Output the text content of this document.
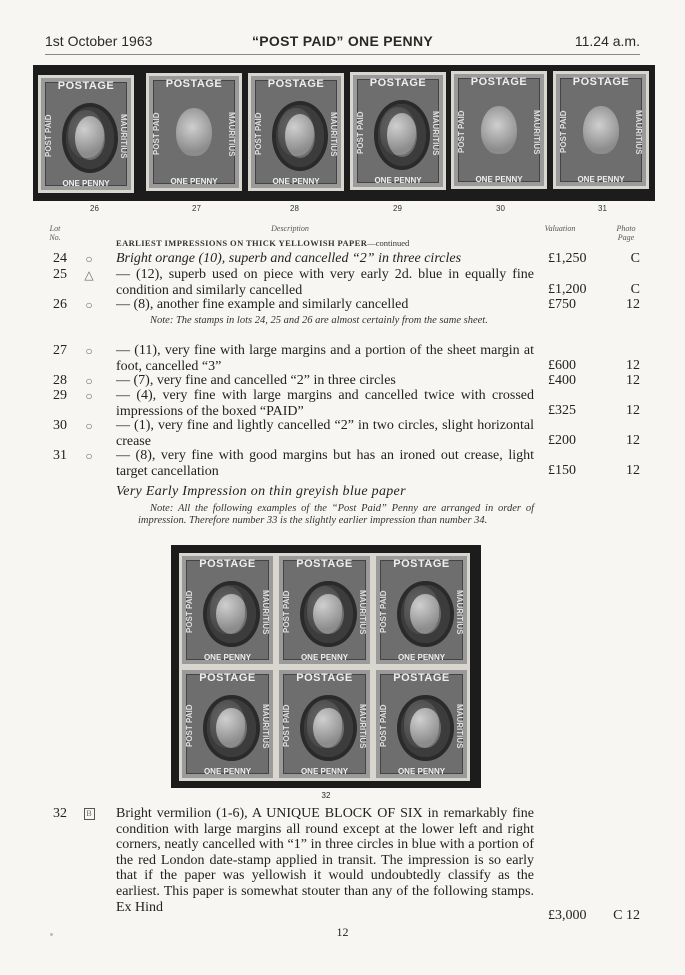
1st October 1963	“POST PAID” ONE PENNY	11.24 a.m.
POSTAGE
ONE PENNY
POST PAID	MAURITIUS
POSTAGE
ONE PENNY
POST PAID	MAURITIUS
POSTAGE
ONE PENNY
POST PAID	MAURITIUS
POSTAGE
ONE PENNY
POST PAID	MAURITIUS
POSTAGE
ONE PENNY
POST PAID	MAURITIUS
POSTAGE
ONE PENNY
POST PAID	MAURITIUS
26	27	28	29	30	31
Lot
No.
Description	Valuation	Photo
Page
EARLIEST IMPRESSIONS ON THICK YELLOWISH PAPER—continued
24	○ Bright orange (10), superb and cancelled “2” in three circles	£1,250	C
25	△ — (12), superb used on piece with very early 2d. blue in equally fine condition and similarly cancelled	£1,200	C
26	○ — (8), another fine example and similarly cancelled	£750	12
Note: The stamps in lots 24, 25 and 26 are almost certainly from the same sheet.
27	○ — (11), very fine with large margins and a portion of the sheet margin at foot, cancelled “3”	£600	12
28	○ — (7), very fine and cancelled “2” in three circles	£400	12
29	○ — (4), very fine with large margins and cancelled twice with crossed impressions of the boxed “PAID”	£325	12
30	○ — (1), very fine and lightly cancelled “2” in two circles, slight horizontal crease	£200	12
31	○ — (8), very fine with good margins but has an ironed out crease, light target cancellation	£150	12
Very Early Impression on thin greyish blue paper
Note: All the following examples of the “Post Paid” Penny are arranged in order of impression. Therefore number 33 is the slightly earlier impression than number 34.
POSTAGE
ONE PENNY
POST PAID	MAURITIUS
POSTAGE
ONE PENNY
POST PAID	MAURITIUS
POSTAGE
ONE PENNY
POST PAID	MAURITIUS
POSTAGE
ONE PENNY
POST PAID	MAURITIUS
POSTAGE
ONE PENNY
POST PAID	MAURITIUS
POSTAGE
ONE PENNY
POST PAID	MAURITIUS
32
32	B	Bright vermilion (1-6), A UNIQUE BLOCK OF SIX in remarkably fine condition with large margins all round except at the lower left and right corners, neatly cancelled with “1” in three circles in blue with a portion of the red London date-stamp applied in transit. The impression is so early that if the paper was yellowish it would undoubtedly classify as the earliest. This paper is somewhat stouter than any of the following stamps. Ex Hind
£3,000	C 12
12
